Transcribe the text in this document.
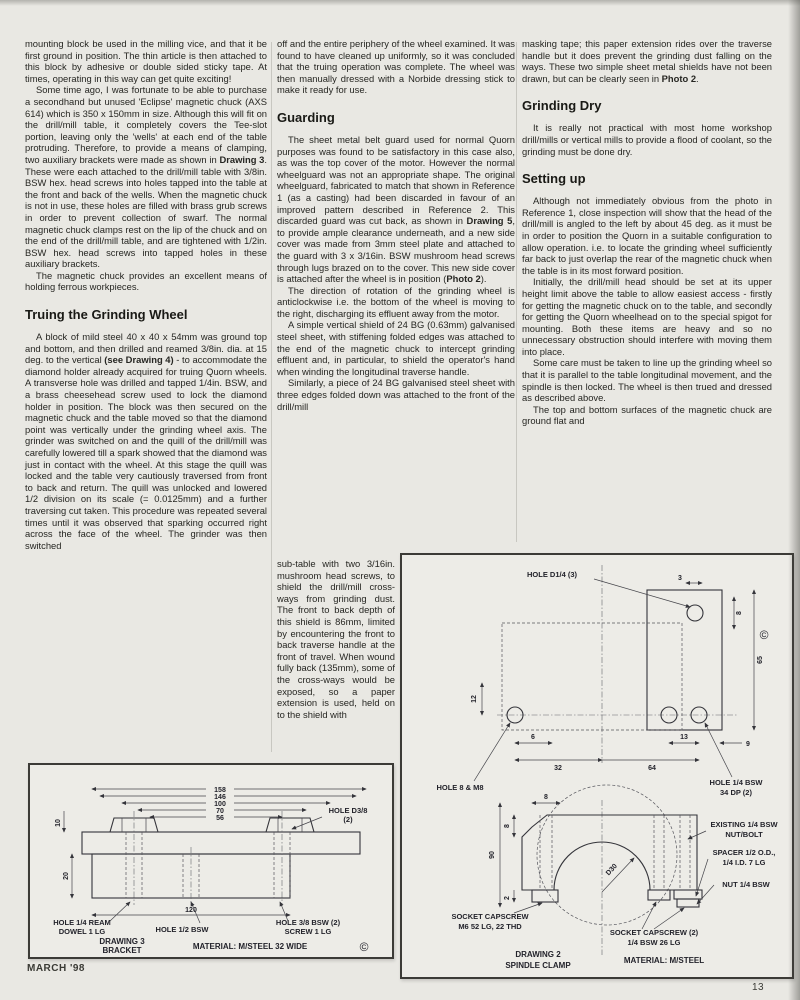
mounting block be used in the milling vice, and that it be first ground in position. The thin article is then attached to this block by adhesive or double sided sticky tape. At times, operating in this way can get quite exciting!

Some time ago, I was fortunate to be able to purchase a secondhand but unused 'Eclipse' magnetic chuck (AXS 614) which is 350 x 150mm in size. Although this will fit on the drill/mill table, it completely covers the Tee-slot portion, leaving only the 'wells' at each end of the table protruding. Therefore, to provide a means of clamping, two auxiliary brackets were made as shown in Drawing 3. These were each attached to the drill/mill table with 3/8in. BSW hex. head screws into holes tapped into the table at the front and back of the wells. When the magnetic chuck is not in use, these holes are filled with brass grub screws in order to prevent collection of swarf. The normal magnetic chuck clamps rest on the lip of the chuck and on the end of the drill/mill table, and are tightened with 1/2in. BSW hex. head screws into tapped holes in these auxiliary brackets.

The magnetic chuck provides an excellent means of holding ferrous workpieces.

Truing the Grinding Wheel

A block of mild steel 40 x 40 x 54mm was ground top and bottom, and then drilled and reamed 3/8in. dia. at 15 deg. to the vertical (see Drawing 4) - to accommodate the diamond holder already acquired for truing Quorn wheels. A transverse hole was drilled and tapped 1/4in. BSW, and a brass cheesehead screw used to lock the diamond holder in position. The block was then secured on the magnetic chuck and the table moved so that the diamond point was vertically under the grinding wheel axis. The grinder was switched on and the quill of the drill/mill was carefully lowered till a spark showed that the diamond was just in contact with the wheel. At this stage the quill was locked and the table very cautiously traversed from front to back and return. The quill was unlocked and lowered 1/2 division on its scale (= 0.0125mm) and a further traversing cut taken. This procedure was repeated several times until it was observed that sparking occurred right across the face of the wheel. The grinder was then switched

off and the entire periphery of the wheel examined. It was found to have cleaned up uniformly, so it was concluded that the truing operation was complete. The wheel was then manually dressed with a Norbide dressing stick to make it ready for use.

Guarding

The sheet metal belt guard used for normal Quorn purposes was found to be satisfactory in this case also, as was the top cover of the motor. However the normal wheelguard was not an appropriate shape. The original wheelguard, fabricated to match that shown in Reference 1 (as a casting) had been discarded in favour of an improved pattern described in Reference 2. This discarded guard was cut back, as shown in Drawing 5, to provide ample clearance underneath, and a new side cover was made from 3mm steel plate and attached to the guard with 3 x 3/16in. BSW mushroom head screws through lugs brazed on to the cover. This new side cover is attached after the wheel is in position (Photo 2).

The direction of rotation of the grinding wheel is anticlockwise i.e. the bottom of the wheel is moving to the right, discharging its effluent away from the motor.

A simple vertical shield of 24 BG (0.63mm) galvanised steel sheet, with stiffening folded edges was attached to the end of the magnetic chuck to intercept grinding effluent and, in particular, to shield the operator's hand when winding the longitudinal traverse handle.

Similarly, a piece of 24 BG galvanised steel sheet with three edges folded down was attached to the front of the drill/mill

sub-table with two 3/16in. mushroom head screws, to shield the drill/mill cross-ways from grinding dust. The front to back depth of this shield is 86mm, limited by encountering the front to back traverse handle at the front of travel. When wound fully back (135mm), some of the cross-ways would be exposed, so a paper extension is used, held on to the shield with

masking tape; this paper extension rides over the traverse handle but it does prevent the grinding dust falling on the ways. These two simple sheet metal shields have not been drawn, but can be clearly seen in Photo 2.

Grinding Dry

It is really not practical with most home workshop drill/mills or vertical mills to provide a flood of coolant, so the grinding must be done dry.

Setting up

Although not immediately obvious from the photo in Reference 1, close inspection will show that the head of the drill/mill is angled to the left by about 45 deg. as it must be in order to position the Quorn in a suitable configuration to allow operation. i.e. to locate the grinding wheel sufficiently far back to just overlap the rear of the magnetic chuck when the table is in its most forward position.

Initially, the drill/mill head should be set at its upper height limit above the table to allow easiest access - firstly for getting the magnetic chuck on to the table, and secondly for getting the Quorn wheelhead on to the special spigot for mounting. Both these items are heavy and so no unnecessary obstruction should interfere with moving them into place.

Some care must be taken to line up the grinding wheel so that it is parallel to the table longitudinal movement, and the spindle is then locked. The wheel is then trued and dressed as described above.

The top and bottom surfaces of the magnetic chuck are ground flat and

158
146
100
70
56
10
20
120
HOLE D3/8
(2)
HOLE 1/4 REAM
DOWEL 1 LG	HOLE 1/2 BSW
HOLE 3/8 BSW (2)
SCREW 1 LG
DRAWING 3
BRACKET	MATERIAL: M/STEEL 32 WIDE	©
3
8
65
12
6	13
9
32	64
HOLE D1/4 (3)
HOLE 8 & M8
HOLE 1/4 BSW
34 DP (2)
©
D30
8
8
90
2
EXISTING 1/4 BSW
NUT/BOLT
SPACER 1/2 O.D.,
1/4 I.D. 7 LG
NUT 1/4 BSW
SOCKET CAPSCREW
M6 52 LG, 22 THD
SOCKET CAPSCREW (2)
1/4 BSW 26 LG
DRAWING 2
SPINDLE CLAMP
MATERIAL: M/STEEL
MARCH '98
13
